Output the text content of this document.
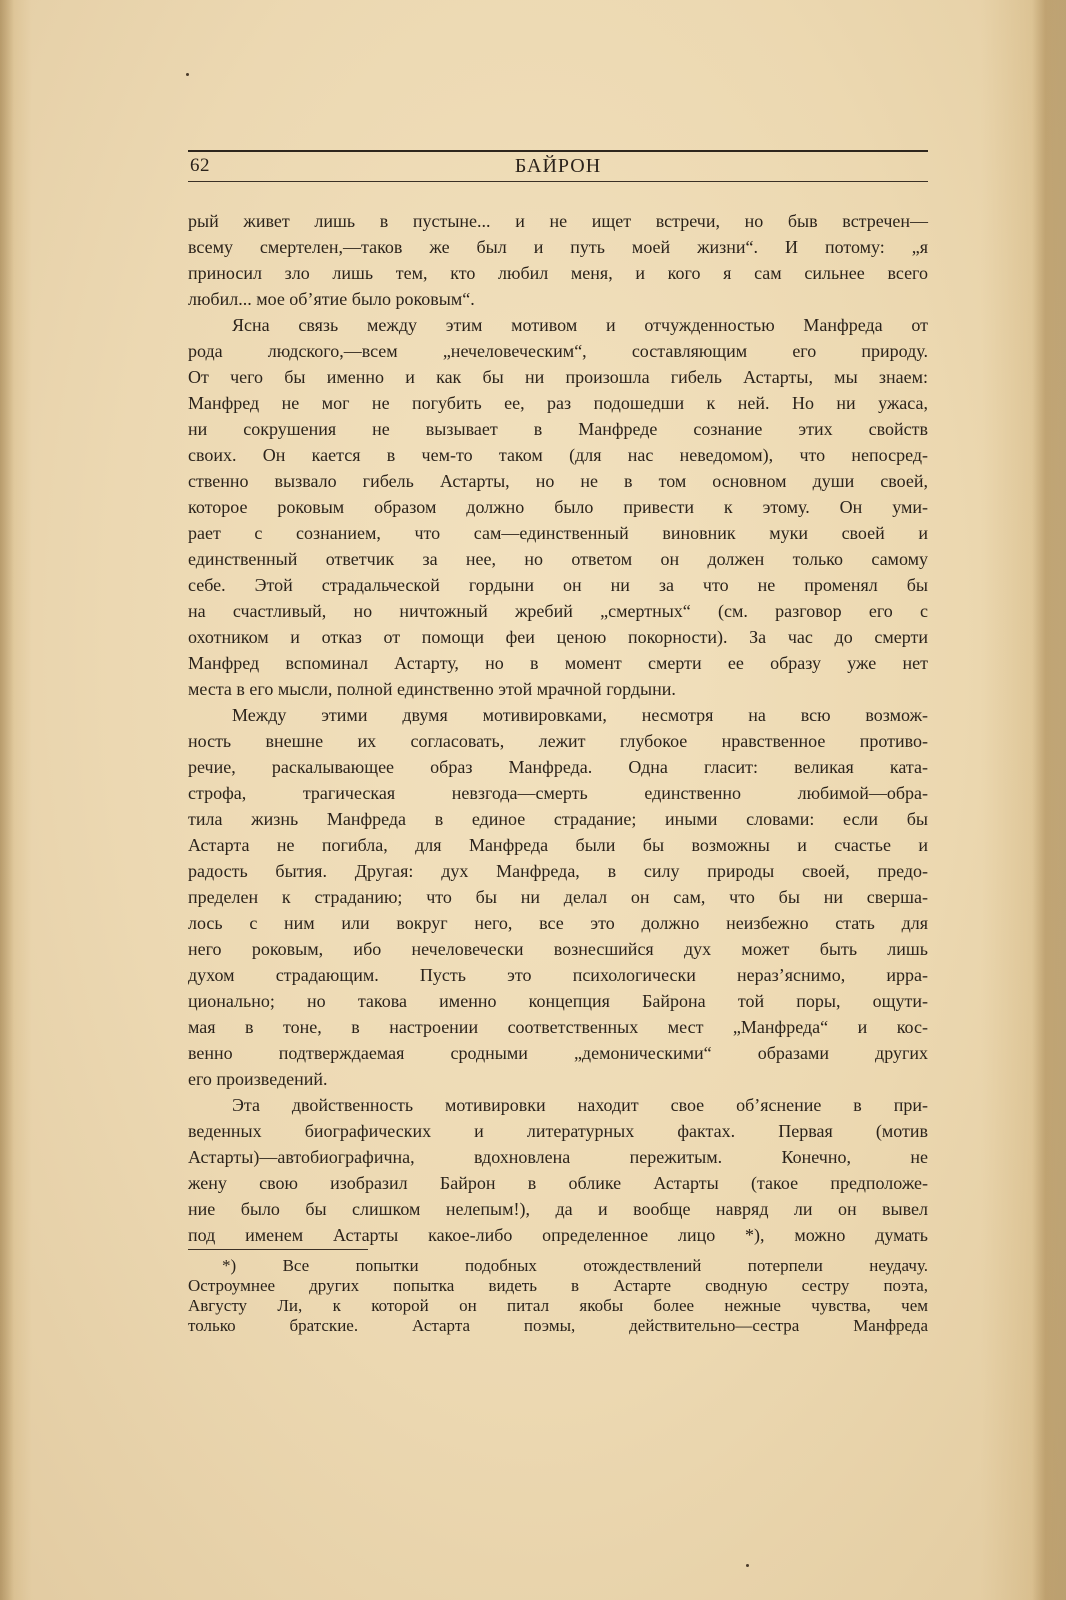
62	БАЙРОН

рый живет лишь в пустыне... и не ищет встречи, но быв встречен—
всему смертелен,—таков же был и путь моей жизни“. И потому: „я
приносил зло лишь тем, кто любил меня, и кого я сам сильнее всего
любил... мое об’ятие было роковым“.

Ясна связь между этим мотивом и отчужденностью Манфреда от
рода людского,—всем „нечеловеческим“, составляющим его природу.
От чего бы именно и как бы ни произошла гибель Астарты, мы знаем:
Манфред не мог не погубить ее, раз подошедши к ней. Но ни ужаса,
ни сокрушения не вызывает в Манфреде сознание этих свойств
своих. Он кается в чем-то таком (для нас неведомом), что непосред-
ственно вызвало гибель Астарты, но не в том основном души своей,
которое роковым образом должно было привести к этому. Он уми-
рает с сознанием, что сам—единственный виновник муки своей и
единственный ответчик за нее, но ответом он должен только самому
себе. Этой страдальческой гордыни он ни за что не променял бы
на счастливый, но ничтожный жребий „смертных“ (см. разговор его с
охотником и отказ от помощи феи ценою покорности). За час до смерти
Манфред вспоминал Астарту, но в момент смерти ее образу уже нет
места в его мысли, полной единственно этой мрачной гордыни.

Между этими двумя мотивировками, несмотря на всю возмож-
ность внешне их согласовать, лежит глубокое нравственное противо-
речие, раскалывающее образ Манфреда. Одна гласит: великая ката-
строфа, трагическая невзгода—смерть единственно любимой—обра-
тила жизнь Манфреда в единое страдание; иными словами: если бы
Астарта не погибла, для Манфреда были бы возможны и счастье и
радость бытия. Другая: дух Манфреда, в силу природы своей, предо-
пределен к страданию; что бы ни делал он сам, что бы ни сверша-
лось с ним или вокруг него, все это должно неизбежно стать для
него роковым, ибо нечеловечески вознесшийся дух может быть лишь
духом страдающим. Пусть это психологически нераз’яснимо, ирра-
ционально; но такова именно концепция Байрона той поры, ощути-
мая в тоне, в настроении соответственных мест „Манфреда“ и кос-
венно подтверждаемая сродными „демоническими“ образами других
его произведений.

Эта двойственность мотивировки находит свое об’яснение в при-
веденных биографических и литературных фактах. Первая (мотив
Астарты)—автобиографична, вдохновлена пережитым. Конечно, не
жену свою изобразил Байрон в облике Астарты (такое предположе-
ние было бы слишком нелепым!), да и вообще навряд ли он вывел
под именем Астарты какое-либо определенное лицо *), можно думать

*) Все попытки подобных отождествлений потерпели неудачу.
Остроумнее других попытка видеть в Астарте сводную сестру поэта,
Августу Ли, к которой он питал якобы более нежные чувства, чем
только братские. Астарта поэмы, действительно—сестра Манфреда
